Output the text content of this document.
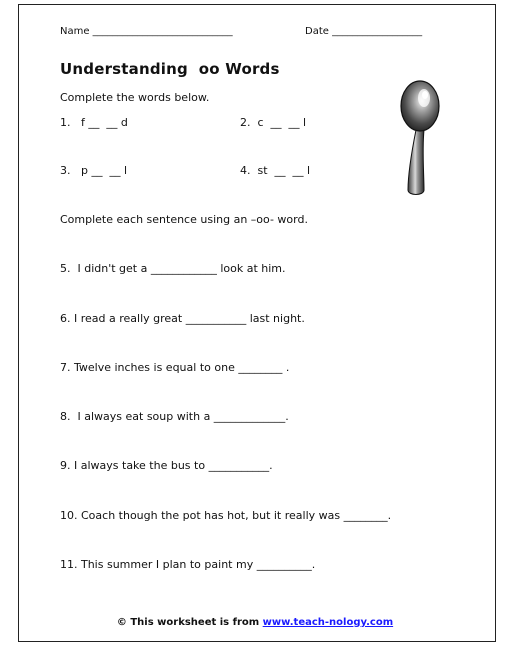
Name ____________________________	Date __________________
Understanding  oo Words
Complete the words below.
1.   f __  __ d	2.  c  __  __ l
3.   p __  __ l	4.  st  __  __ l
Complete each sentence using an –oo- word.
5.  I didn't get a ____________ look at him.
6. I read a really great ___________ last night.
7. Twelve inches is equal to one ________ .
8.  I always eat soup with a _____________.
9. I always take the bus to ___________.
10. Coach though the pot has hot, but it really was ________.
11. This summer I plan to paint my __________.
© This worksheet is from www.teach-nology.com
